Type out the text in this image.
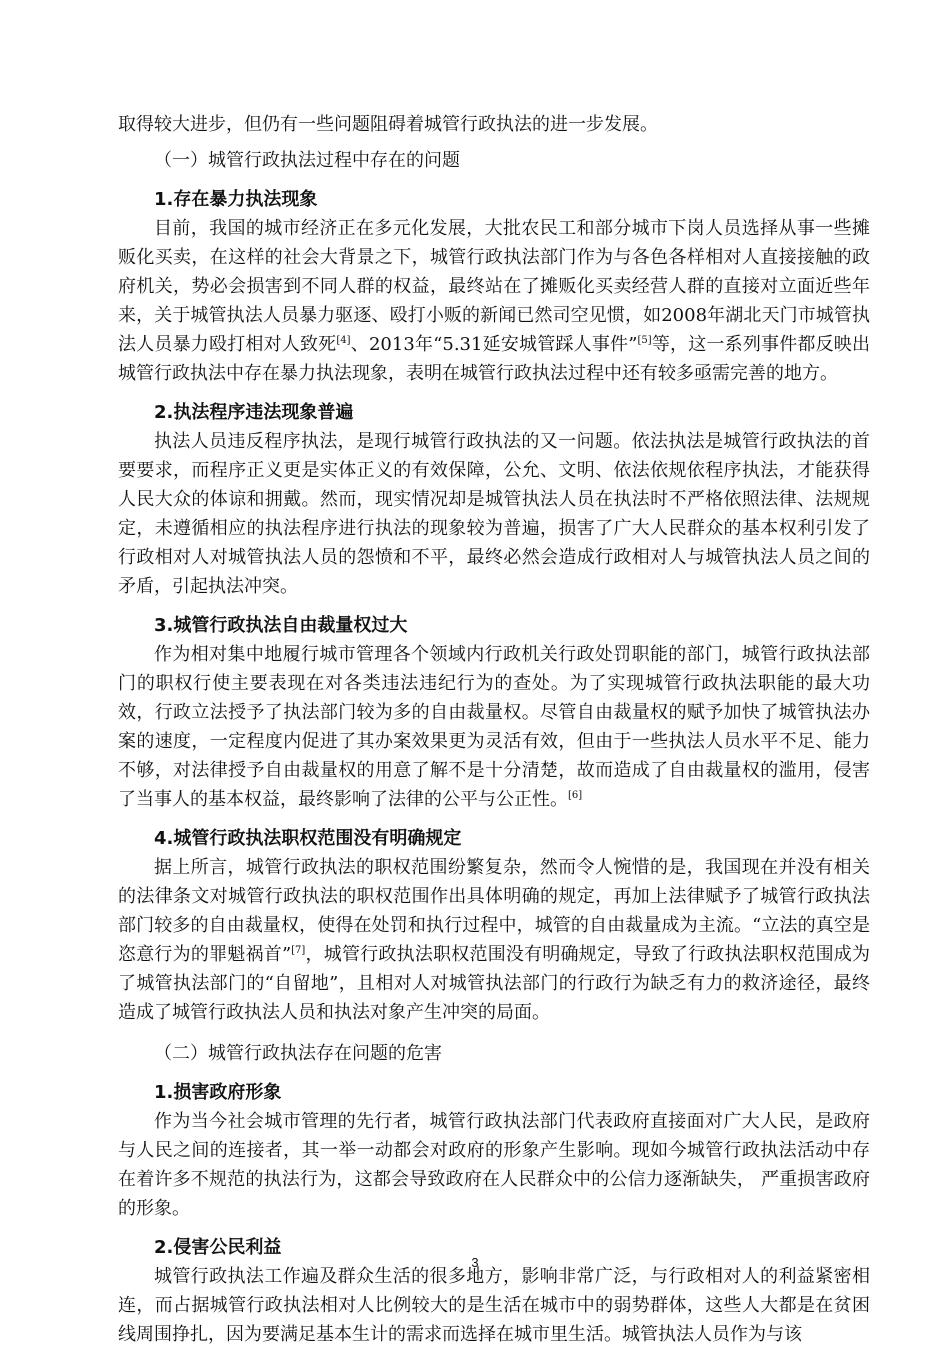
取得较大进步，但仍有一些问题阻碍着城管行政执法的进一步发展。

（一）城管行政执法过程中存在的问题
1.存在暴力执法现象

目前，我国的城市经济正在多元化发展，大批农民工和部分城市下岗人员选择从事一些摊贩化买卖，在这样的社会大背景之下，城管行政执法部门作为与各色各样相对人直接接触的政府机关，势必会损害到不同人群的权益，最终站在了摊贩化买卖经营人群的直接对立面近些年来，关于城管执法人员暴力驱逐、殴打小贩的新闻已然司空见惯，如2008年湖北天门市城管执法人员暴力殴打相对人致死[4]、2013年“5.31延安城管踩人事件”[5]等，这一系列事件都反映出城管行政执法中存在暴力执法现象，表明在城管行政执法过程中还有较多亟需完善的地方。

2.执法程序违法现象普遍

执法人员违反程序执法，是现行城管行政执法的又一问题。依法执法是城管行政执法的首要要求，而程序正义更是实体正义的有效保障，公允、文明、依法依规依程序执法，才能获得人民大众的体谅和拥戴。然而，现实情况却是城管执法人员在执法时不严格依照法律、法规规定，未遵循相应的执法程序进行执法的现象较为普遍，损害了广大人民群众的基本权利引发了行政相对人对城管执法人员的怨愤和不平，最终必然会造成行政相对人与城管执法人员之间的矛盾，引起执法冲突。

3.城管行政执法自由裁量权过大

作为相对集中地履行城市管理各个领域内行政机关行政处罚职能的部门，城管行政执法部门的职权行使主要表现在对各类违法违纪行为的查处。为了实现城管行政执法职能的最大功效，行政立法授予了执法部门较为多的自由裁量权。尽管自由裁量权的赋予加快了城管执法办案的速度，一定程度内促进了其办案效果更为灵活有效，但由于一些执法人员水平不足、能力不够，对法律授予自由裁量权的用意了解不是十分清楚，故而造成了自由裁量权的滥用，侵害了当事人的基本权益，最终影响了法律的公平与公正性。[6]

4.城管行政执法职权范围没有明确规定

据上所言，城管行政执法的职权范围纷繁复杂，然而令人惋惜的是，我国现在并没有相关的法律条文对城管行政执法的职权范围作出具体明确的规定，再加上法律赋予了城管行政执法部门较多的自由裁量权，使得在处罚和执行过程中，城管的自由裁量成为主流。“立法的真空是恣意行为的罪魁祸首”[7]，城管行政执法职权范围没有明确规定，导致了行政执法职权范围成为了城管执法部门的“自留地”，且相对人对城管执法部门的行政行为缺乏有力的救济途径，最终造成了城管行政执法人员和执法对象产生冲突的局面。

（二）城管行政执法存在问题的危害
1.损害政府形象

作为当今社会城市管理的先行者，城管行政执法部门代表政府直接面对广大人民，是政府与人民之间的连接者，其一举一动都会对政府的形象产生影响。现如今城管行政执法活动中存在着许多不规范的执法行为，这都会导致政府在人民群众中的公信力逐渐缺失， 严重损害政府的形象。

2.侵害公民利益

城管行政执法工作遍及群众生活的很多地方，影响非常广泛，与行政相对人的利益紧密相连，而占据城管行政执法相对人比例较大的是生活在城市中的弱势群体，这些人大都是在贫困线周围挣扎，因为要满足基本生计的需求而选择在城市里生活。城管执法人员作为与该

3
